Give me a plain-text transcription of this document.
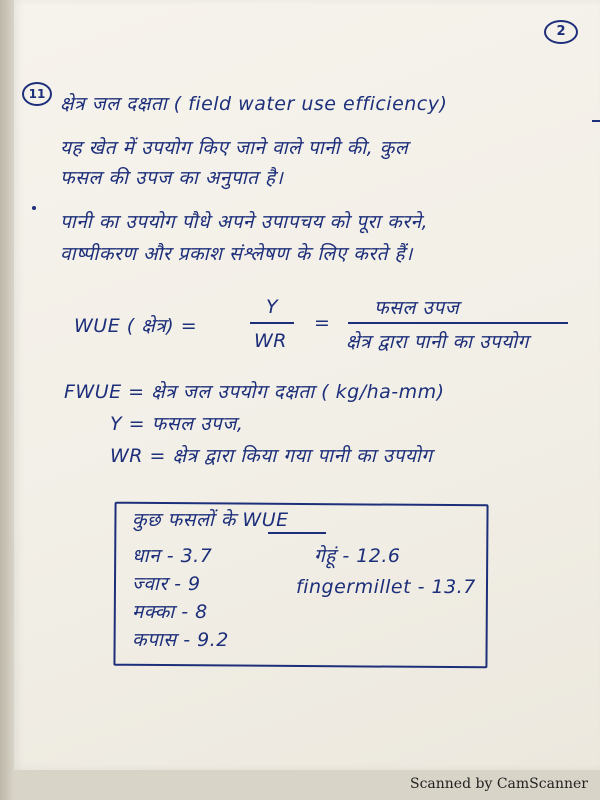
2
11 क्षेत्र जल दक्षता ( field water use efficiency)
यह खेत में उपयोग किए जाने वाले पानी की, कुल
फसल की उपज का अनुपात है।
पानी का उपयोग पौधे अपने उपापचय को पूरा करने,
वाष्पीकरण और प्रकाश संश्लेषण के लिए करते हैं।
WUE ( क्षेत्र) =
Y
WR
=
फसल उपज
क्षेत्र द्वारा पानी का उपयोग
FWUE = क्षेत्र जल उपयोग दक्षता ( kg/ha-mm)
Y = फसल उपज,
WR = क्षेत्र द्वारा किया गया पानी का उपयोग
कुछ फसलों के WUE
धान - 3.7
ज्वार - 9
मक्का - 8
कपास - 9.2
गेहूं - 12.6
fingermillet - 13.7
Scanned by CamScanner
